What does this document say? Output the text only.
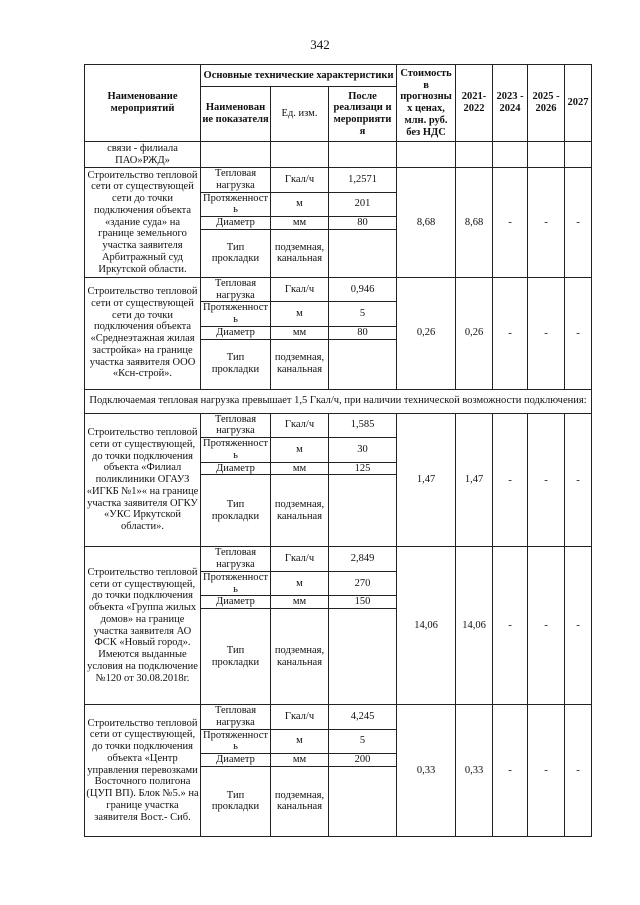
342
Наименование мероприятий	Основные технические характеристики			Стоимость в прогнозны х ценах, млн. руб. без НДС	2021- 2022	2023 - 2024	2025 - 2026	2027
	Наименован ие показателя	Ед. изм.	После реализаци и мероприяти я					
связи - филиала ПАО»РЖД»								
Строительство тепловой сети от существующей сети до точки подключения объекта «здание суда» на границе земельного участка заявителя Арбитражный суд Иркутской области.	Тепловая нагрузка	Гкал/ч	1,2571	8,68	8,68	-	-	-
	Протяженност ь	м	201					
	Диаметр	мм	80					
	Тип прокладки	подземная, канальная						
Строительство тепловой сети от существующей сети до точки подключения объекта «Среднеэтажная жилая застройка» на границе участка заявителя ООО «Ксн-строй».	Тепловая нагрузка	Гкал/ч	0,946	0,26	0,26	-	-	-
	Протяженност ь	м	5					
	Диаметр	мм	80					
	Тип прокладки	подземная, канальная						
Подключаемая тепловая нагрузка превышает 1,5 Гкал/ч, при наличии технической возможности подключения:								
Строительство тепловой сети от существующей, до точки подключения объекта «Филиал поликлиники ОГАУЗ «ИГКБ №1»« на границе участка заявителя ОГКУ «УКС Иркутской области».	Тепловая нагрузка	Гкал/ч	1,585	1,47	1,47	-	-	-
	Протяженност ь	м	30					
	Диаметр	мм	125					
	Тип прокладки	подземная, канальная						
Строительство тепловой сети от существующей, до точки подключения объекта «Группа жилых домов» на границе участка заявителя АО ФСК «Новый город». Имеются выданные условия на подключение №120 от 30.08.2018г.	Тепловая нагрузка	Гкал/ч	2,849	14,06	14,06	-	-	-
	Протяженност ь	м	270					
	Диаметр	мм	150					
	Тип прокладки	подземная, канальная						
Строительство тепловой сети от существующей, до точки подключения объекта «Центр управления перевозками Восточного полигона (ЦУП ВП). Блок №5.» на границе участка заявителя Вост.- Сиб.	Тепловая нагрузка	Гкал/ч	4,245	0,33	0,33	-	-	-
	Протяженност ь	м	5					
	Диаметр	мм	200					
	Тип прокладки	подземная, канальная						
